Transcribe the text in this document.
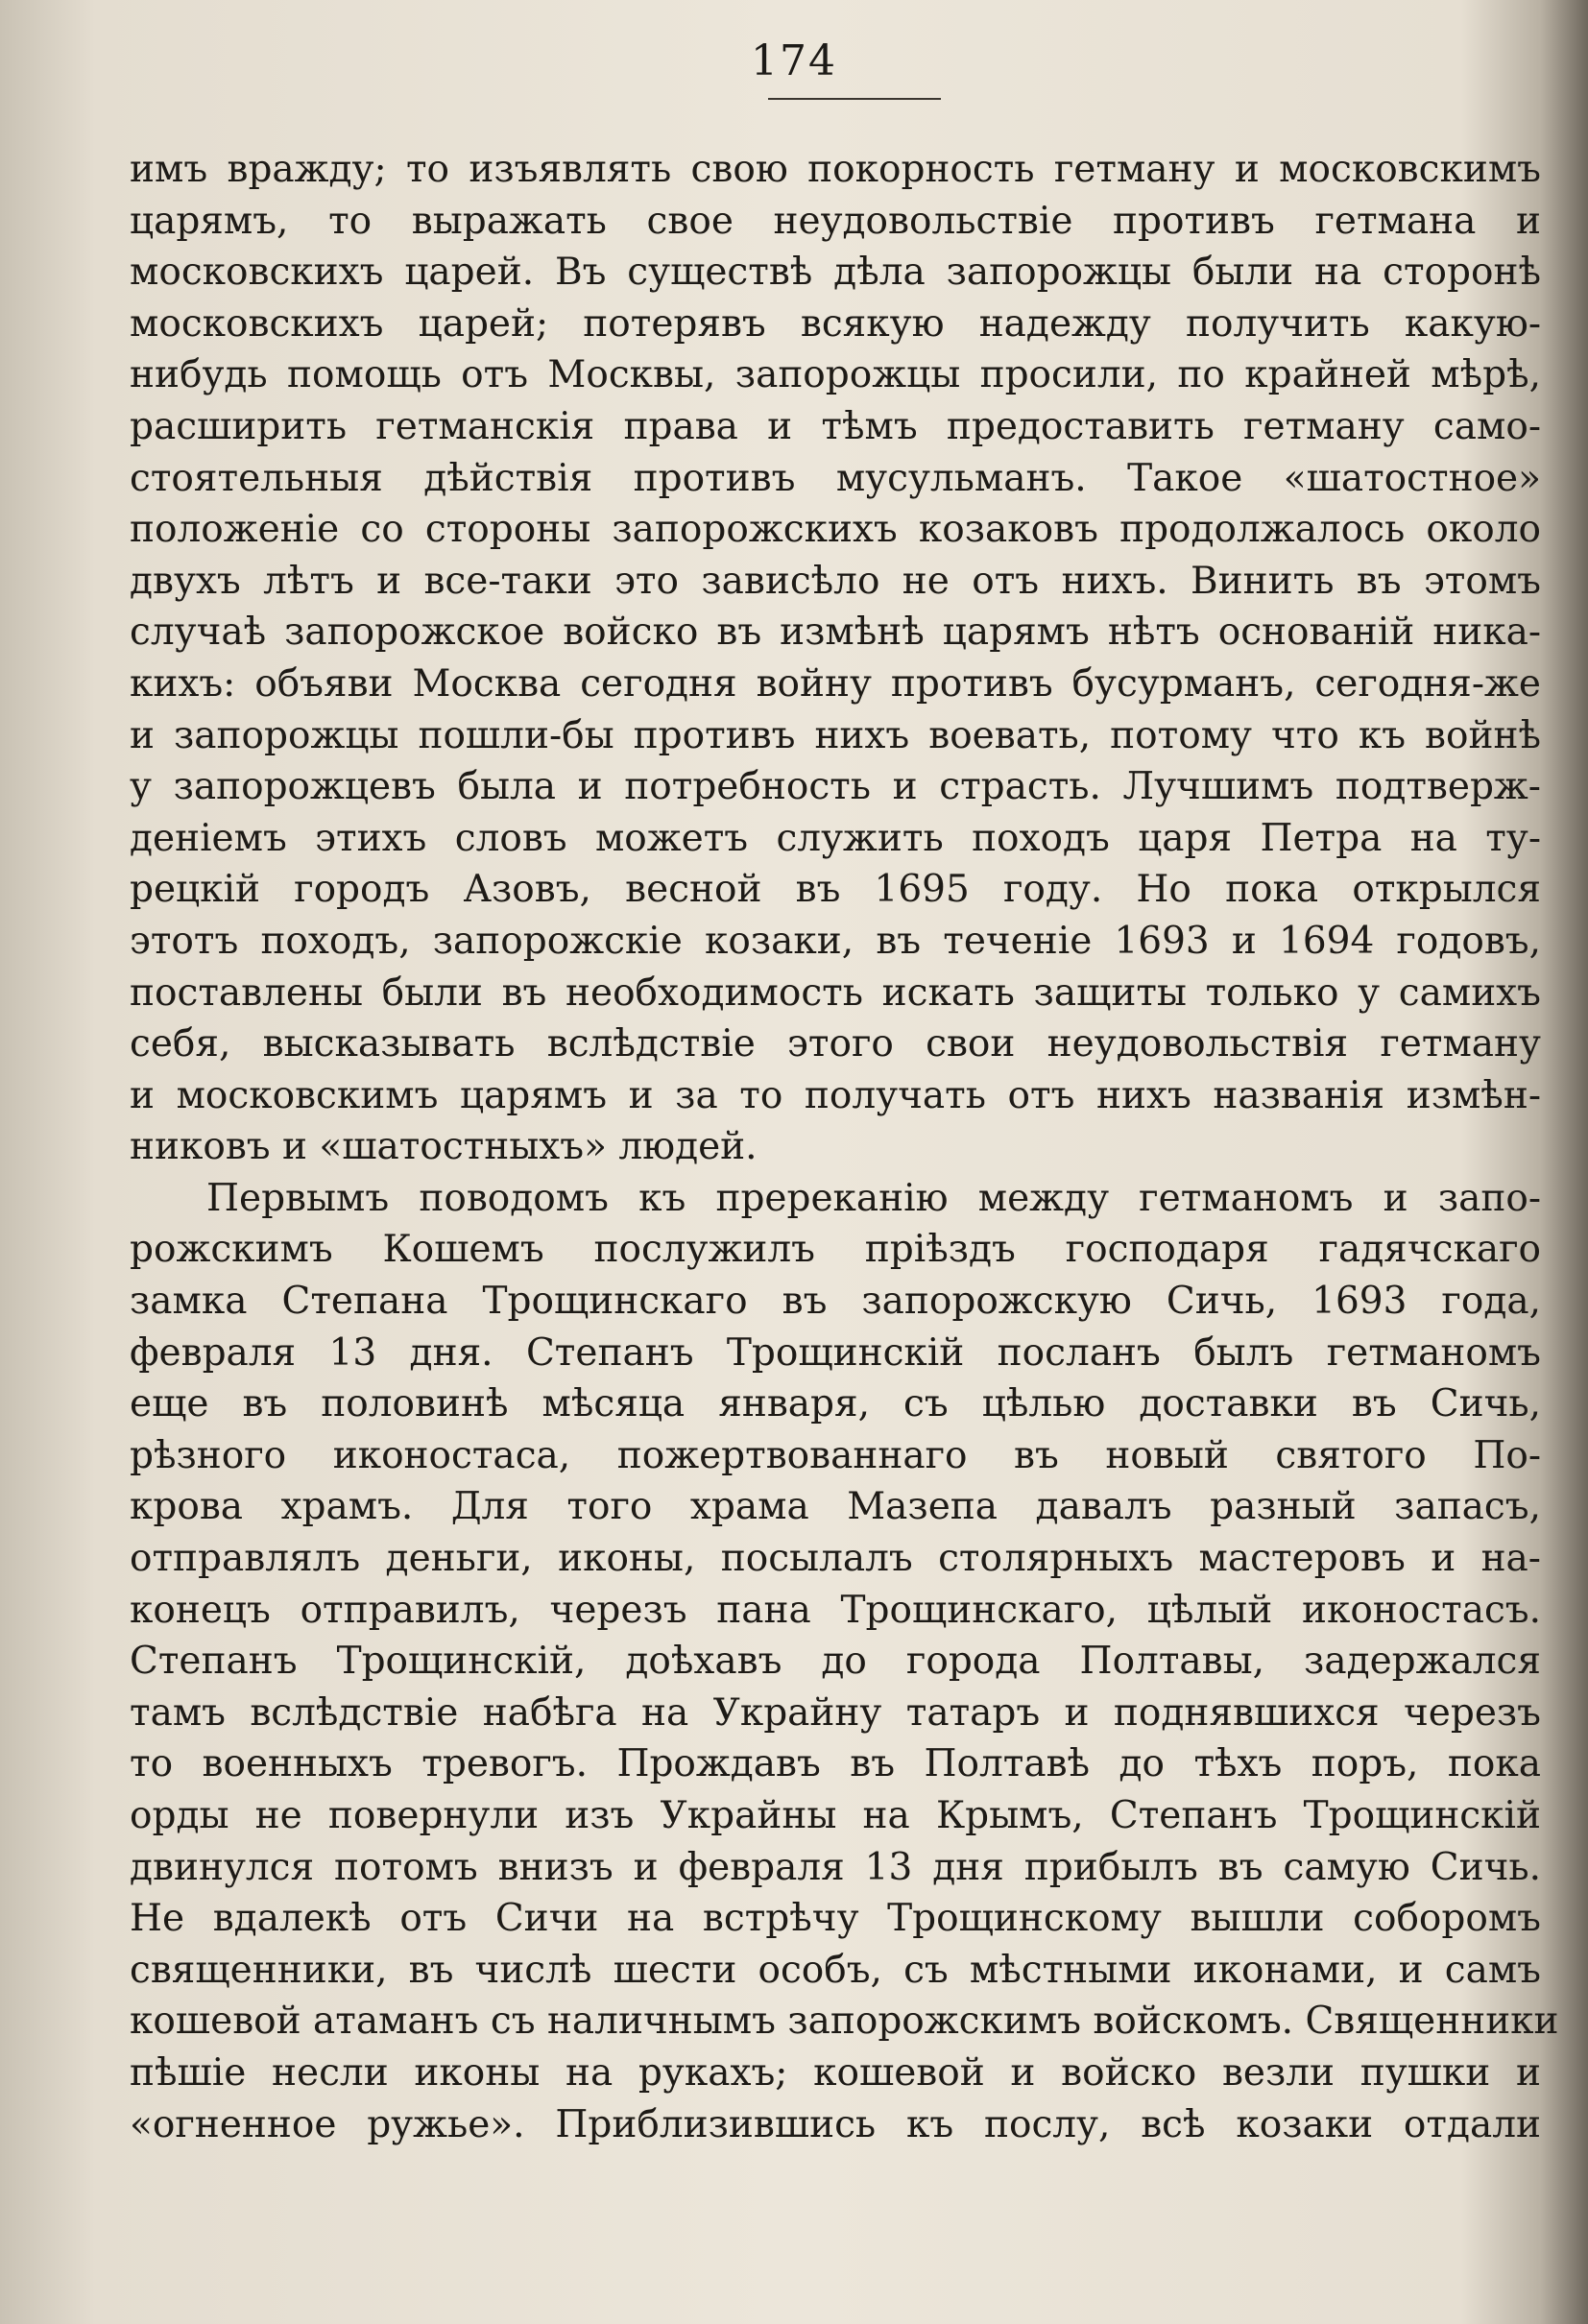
174
имъ вражду; то изъявлять свою покорность гетману и московскимъ
царямъ, то выражать свое неудовольствіе противъ гетмана и
московскихъ царей. Въ существѣ дѣла запорожцы были на сторонѣ
московскихъ царей; потерявъ всякую надежду получить какую-
нибудь помощь отъ Москвы, запорожцы просили, по крайней мѣрѣ,
расширить гетманскія права и тѣмъ предоставить гетману само-
стоятельныя дѣйствія противъ мусульманъ. Такое «шатостное»
положеніе со стороны запорожскихъ козаковъ продолжалось около
двухъ лѣтъ и все-таки это зависѣло не отъ нихъ. Винить въ этомъ
случаѣ запорожское войско въ измѣнѣ царямъ нѣтъ основаній ника-
кихъ: объяви Москва сегодня войну противъ бусурманъ, сегодня-же
и запорожцы пошли-бы противъ нихъ воевать, потому что къ войнѣ
у запорожцевъ была и потребность и страсть. Лучшимъ подтверж-
деніемъ этихъ словъ можетъ служить походъ царя Петра на ту-
рецкій городъ Азовъ, весной въ 1695 году. Но пока открылся
этотъ походъ, запорожскіе козаки, въ теченіе 1693 и 1694 годовъ,
поставлены были въ необходимость искать защиты только у самихъ
себя, высказывать вслѣдствіе этого свои неудовольствія гетману
и московскимъ царямъ и за то получать отъ нихъ названія измѣн-
никовъ и «шатостныхъ» людей.
Первымъ поводомъ къ пререканію между гетманомъ и запо-
рожскимъ Кошемъ послужилъ пріѣздъ господаря гадячскаго
замка Степана Трощинскаго въ запорожскую Сичь, 1693 года,
февраля 13 дня. Степанъ Трощинскій посланъ былъ гетманомъ
еще въ половинѣ мѣсяца января, съ цѣлью доставки въ Сичь,
рѣзного иконостаса, пожертвованнаго въ новый святого По-
крова храмъ. Для того храма Мазепа давалъ разный запасъ,
отправлялъ деньги, иконы, посылалъ столярныхъ мастеровъ и на-
конецъ отправилъ, черезъ пана Трощинскаго, цѣлый иконостасъ.
Степанъ Трощинскій, доѣхавъ до города Полтавы, задержался
тамъ вслѣдствіе набѣга на Украйну татаръ и поднявшихся черезъ
то военныхъ тревогъ. Прождавъ въ Полтавѣ до тѣхъ поръ, пока
орды не повернули изъ Украйны на Крымъ, Степанъ Трощинскій
двинулся потомъ внизъ и февраля 13 дня прибылъ въ самую Сичь.
Не вдалекѣ отъ Сичи на встрѣчу Трощинскому вышли соборомъ
священники, въ числѣ шести особъ, съ мѣстными иконами, и самъ
кошевой атаманъ съ наличнымъ запорожскимъ войскомъ. Священники
пѣшіе несли иконы на рукахъ; кошевой и войско везли пушки и
«огненное ружье». Приблизившись къ послу, всѣ козаки отдали
